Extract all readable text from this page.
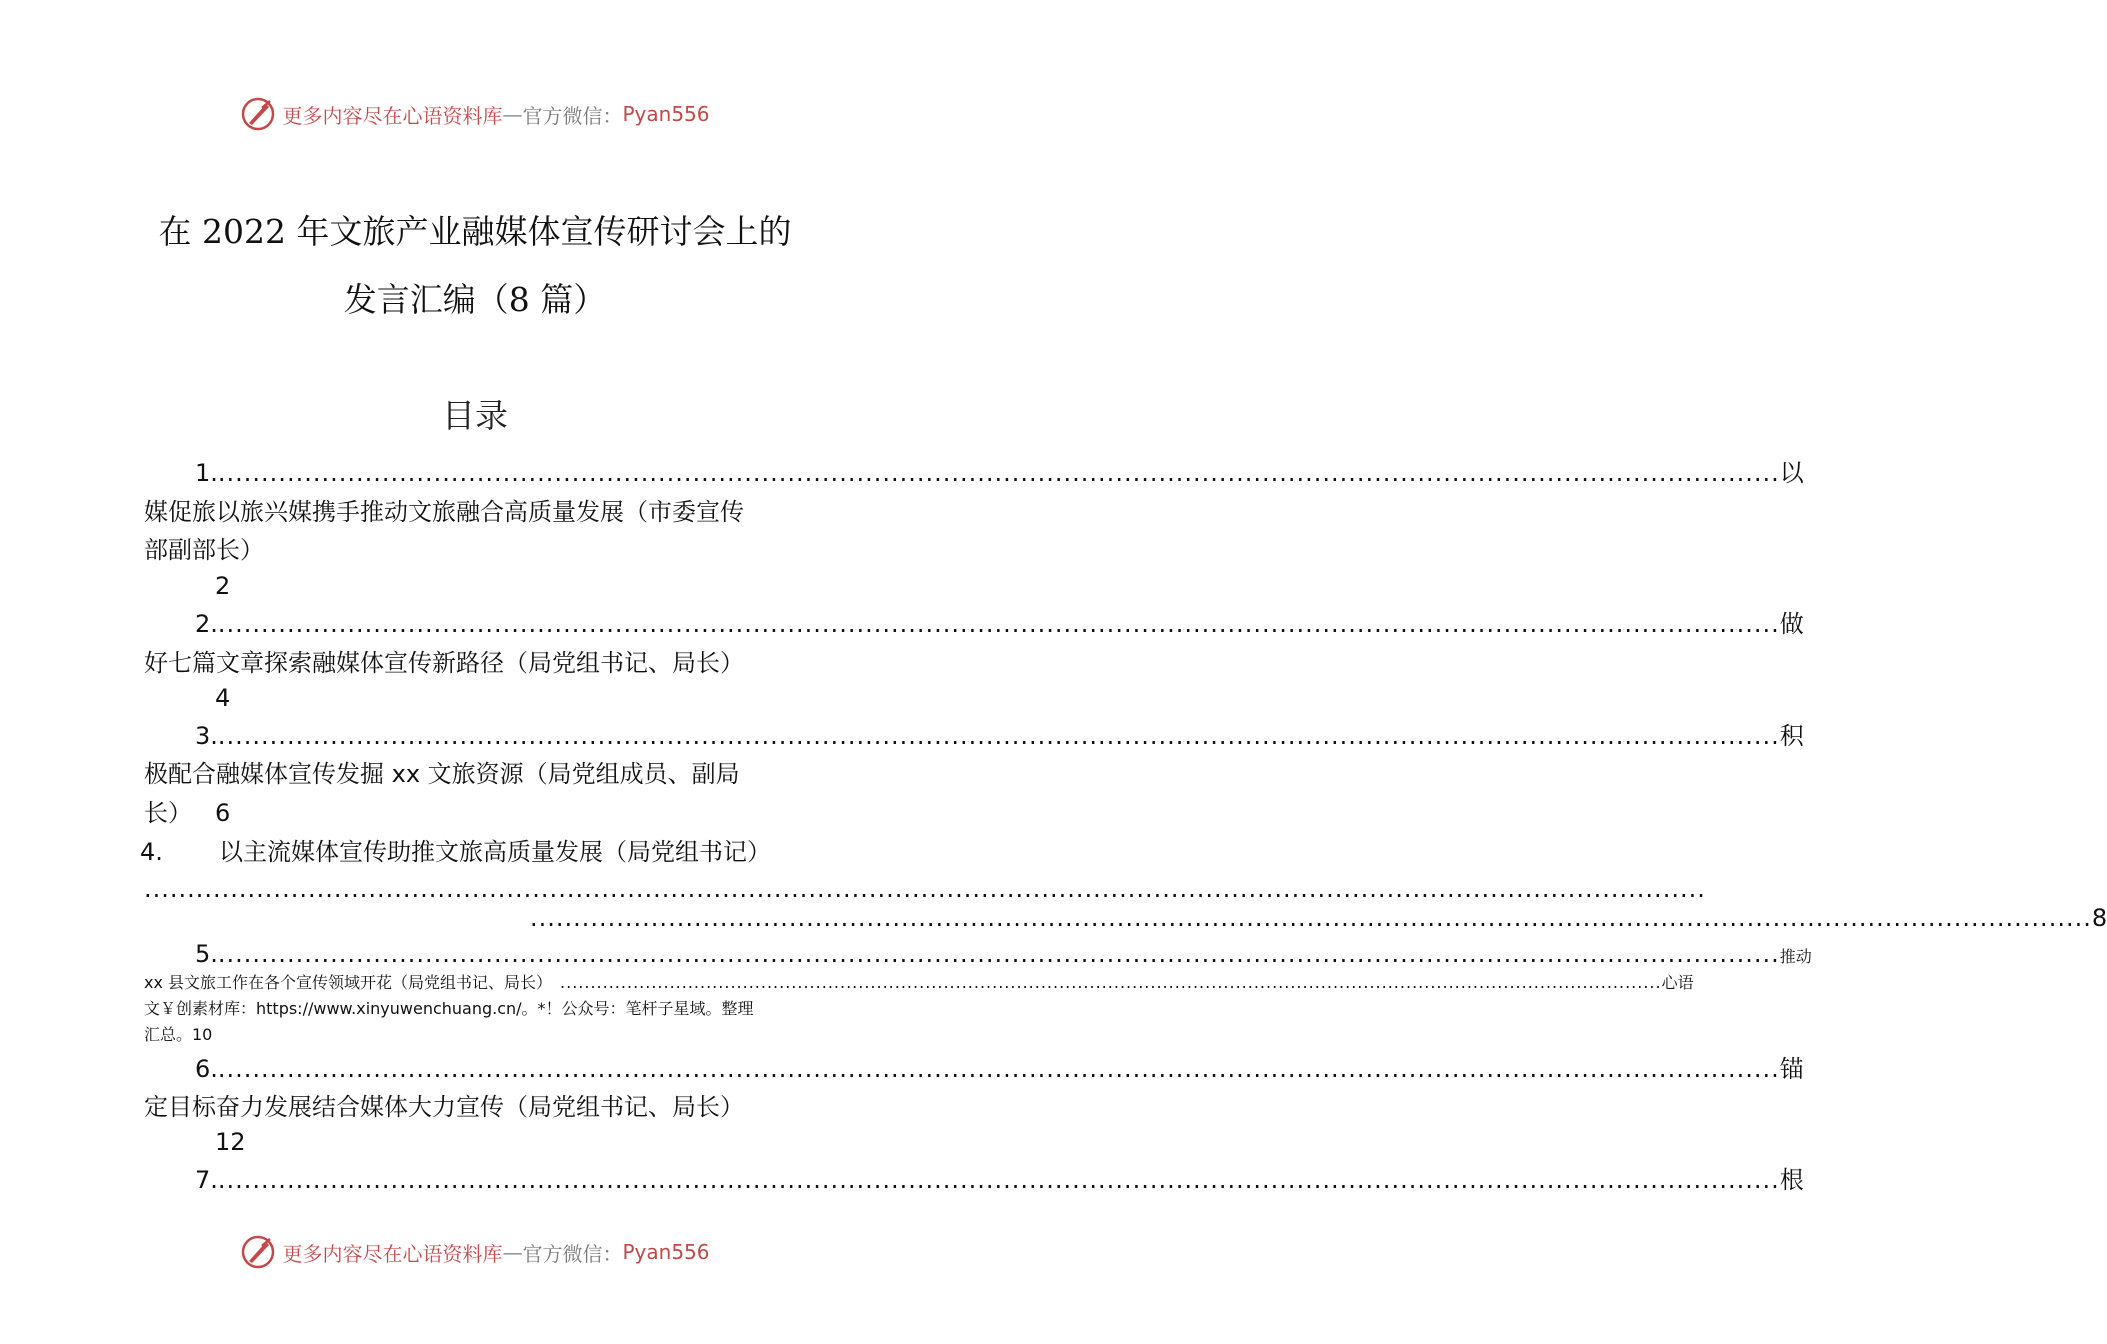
更多内容尽在心语资料库 — 官方微信： Pyan556
在 2022 年文旅产业融媒体宣传研讨会上的
发言汇编（8 篇）
目录
1. ..................................................................................................................................................................................... 以
媒促旅以旅兴媒携手推动文旅融合高质量发展（市委宣传
部副部长）
2
2. ..................................................................................................................................................................................... 做
好七篇文章探索融媒体宣传新路径（局党组书记、局长）
4
3. ..................................................................................................................................................................................... 积
极配合融媒体宣传发掘 xx 文旅资源（局党组成员、副局
长） 6
4. 以主流媒体宣传助推文旅高质量发展（局党组书记）
.....................................................................................................................................................................................
..................................................................................................................................................................................... 8
5. ..................................................................................................................................................................................... 推动
xx 县文旅工作在各个宣传领域开花（局党组书记、局长） ..................................................................................................................................................................................... 心语
文￥创素材库：https://www.xinyuwenchuang.cn/。*！公众号：笔杆子星域。整理
汇总。10
6. ..................................................................................................................................................................................... 锚
定目标奋力发展结合媒体大力宣传（局党组书记、局长）
12
7. ..................................................................................................................................................................................... 根
更多内容尽在心语资料库 — 官方微信： Pyan556
